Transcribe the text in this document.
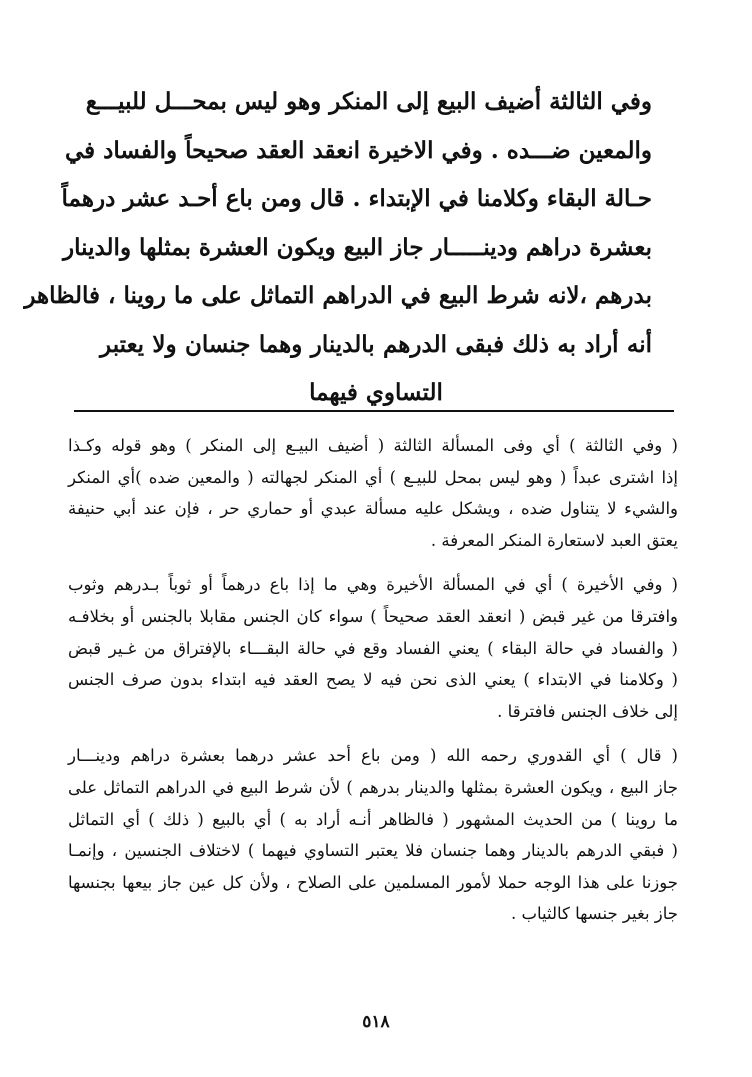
وفي الثالثة أضيف البيع إلى المنكر وهو ليس بمحـــل للبيـــع
والمعين ضـــده . وفي الاخيرة انعقد العقد صحيحاً والفساد في
حـالة البقاء وكلامنا في الإبتداء . قال ومن باع أحـد عشر درهماً
بعشرة دراهم ودينـــــار جاز البيع ويكون العشرة بمثلها والدينار
بدرهم ،لانه شرط البيع في الدراهم التماثل على ما روينا ، فالظاهر
أنه أراد به ذلك فبقى الدرهم بالدينار وهما جنسان ولا يعتبر
التساوي فيهما
( وفي الثالثة ) أي وفى المسألة الثالثة ( أضيف البيـع إلى المنكر ) وهو قوله وكـذا
إذا اشترى عبداً ( وهو ليس بمحل للبيـع ) أي المنكر لجهالته ( والمعين ضده )أي المنكر
والشيء لا يتناول ضده ، ويشكل عليه مسألة عبدي أو حماري حر ، فإن عند أبي حنيفة
يعتق العبد لاستعارة المنكر المعرفة .
( وفي الأخيرة ) أي في المسألة الأخيرة وهي ما إذا باع درهماً أو ثوباً بـدرهم وثوب
وافترقا من غير قبض ( انعقد العقد صحيحاً ) سواء كان الجنس مقابلا بالجنس أو بخلافـه
( والفساد في حالة البقاء ) يعني الفساد وقع في حالة البقـــاء بالإفتراق من غـير قبض
( وكلامنا في الابتداء ) يعني الذى نحن فيه لا يصح العقد فيه ابتداء بدون صرف الجنس
إلى خلاف الجنس فافترقا .
( قال ) أي القدوري رحمه الله ( ومن باع أحد عشر درهما بعشرة دراهم ودينـــار
جاز البيع ، ويكون العشرة بمثلها والدينار بدرهم ) لأن شرط البيع في الدراهم التماثل على
ما روينا ) من الحديث المشهور ( فالظاهر أنـه أراد به ) أي بالبيع ( ذلك ) أي التماثل
( فبقي الدرهم بالدينار وهما جنسان فلا يعتبر التساوي فيهما ) لاختلاف الجنسين ، وإنمـا
جوزنا على هذا الوجه حملا لأمور المسلمين على الصلاح ، ولأن كل عين جاز بيعها بجنسها
جاز بغير جنسها كالثياب .
٥١٨
